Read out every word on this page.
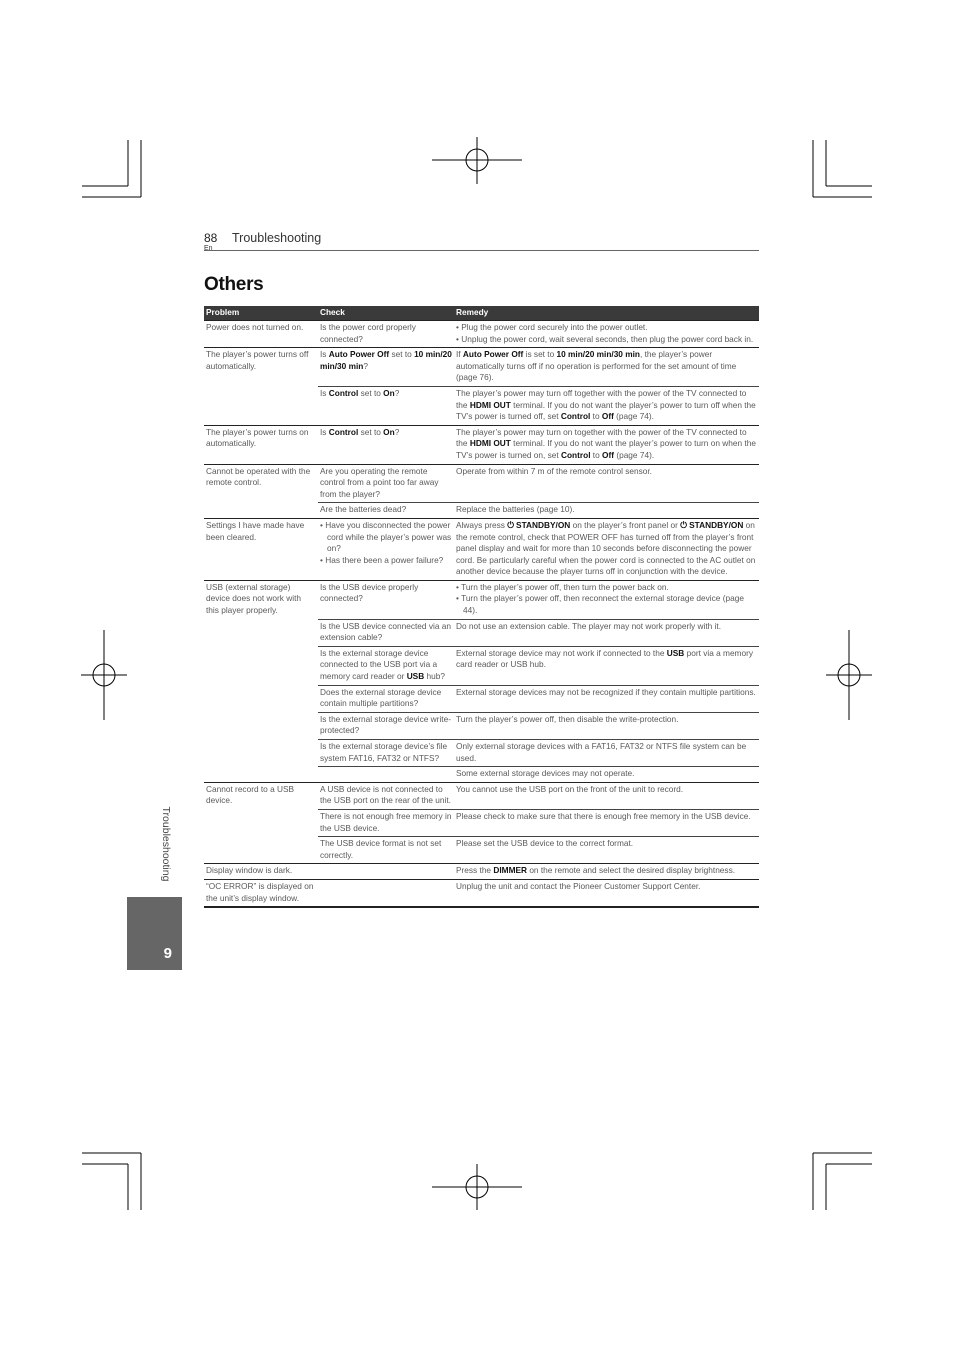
88
En
Troubleshooting
Others
Problem	Check	Remedy
Power does not turned on.	Is the power cord properly connected?	• Plug the power cord securely into the power outlet.
• Unplug the power cord, wait several seconds, then plug the power cord back in.

The player’s power turns off automatically.	Is Auto Power Off set to 10 min/20 min/30 min?	If Auto Power Off is set to 10 min/20 min/30 min, the player’s power automatically turns off if no operation is performed for the set amount of time (page 76).

	Is Control set to On?	The player’s power may turn off together with the power of the TV connected to the HDMI OUT terminal. If you do not want the player’s power to turn off when the TV’s power is turned off, set Control to Off (page 74).

The player’s power turns on automatically.	Is Control set to On?	The player’s power may turn on together with the power of the TV connected to the HDMI OUT terminal. If you do not want the player’s power to turn on when the TV’s power is turned on, set Control to Off (page 74).

Cannot be operated with the remote control.	Are you operating the remote control from a point too far away from the player?	Operate from within 7 m of the remote control sensor.

	Are the batteries dead?	Replace the batteries (page 10).

Settings I have made have been cleared.	• Have you disconnected the power cord while the player’s power was on?
• Has there been a power failure?	Always press ⏻ STANDBY/ON on the player’s front panel or ⏻ STANDBY/ON on the remote control, check that POWER OFF has turned off from the player’s front panel display and wait for more than 10 seconds before disconnecting the power cord. Be particularly careful when the power cord is connected to the AC outlet on another device because the player turns off in conjunction with the device.

USB (external storage) device does not work with this player properly.	Is the USB device properly connected?	• Turn the player’s power off, then turn the power back on.
• Turn the player’s power off, then reconnect the external storage device (page 44).

	Is the USB device connected via an extension cable?	Do not use an extension cable. The player may not work properly with it.

	Is the external storage device connected to the USB port via a memory card reader or USB hub?	External storage device may not work if connected to the USB port via a memory card reader or USB hub.

	Does the external storage device contain multiple partitions?	External storage devices may not be recognized if they contain multiple partitions.

	Is the external storage device write-protected?	Turn the player’s power off, then disable the write-protection.

	Is the external storage device’s file system FAT16, FAT32 or NTFS?	Only external storage devices with a FAT16, FAT32 or NTFS file system can be used.

		Some external storage devices may not operate.

Cannot record to a USB device.	A USB device is not connected to the USB port on the rear of the unit.	You cannot use the USB port on the front of the unit to record.

	There is not enough free memory in the USB device.	Please check to make sure that there is enough free memory in the USB device.

	The USB device format is not set correctly.	Please set the USB device to the correct format.

Display window is dark.		Press the DIMMER on the remote and select the desired display brightness.

“OC ERROR” is displayed on the unit’s display window.		Unplug the unit and contact the Pioneer Customer Support Center.
Troubleshooting
9
